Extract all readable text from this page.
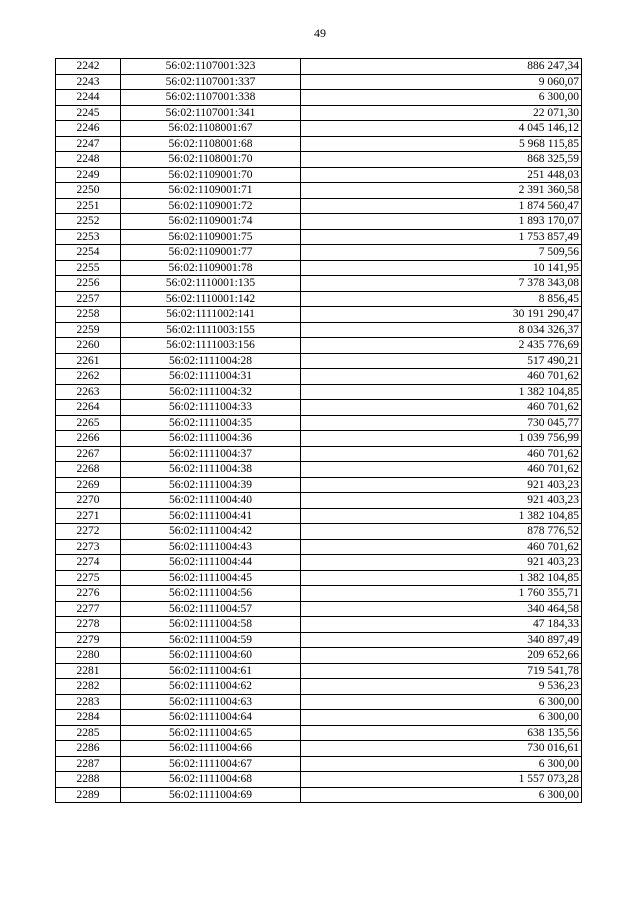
49
2242	56:02:1107001:323	886 247,34
2243	56:02:1107001:337	9 060,07
2244	56:02:1107001:338	6 300,00
2245	56:02:1107001:341	22 071,30
2246	56:02:1108001:67	4 045 146,12
2247	56:02:1108001:68	5 968 115,85
2248	56:02:1108001:70	868 325,59
2249	56:02:1109001:70	251 448,03
2250	56:02:1109001:71	2 391 360,58
2251	56:02:1109001:72	1 874 560,47
2252	56:02:1109001:74	1 893 170,07
2253	56:02:1109001:75	1 753 857,49
2254	56:02:1109001:77	7 509,56
2255	56:02:1109001:78	10 141,95
2256	56:02:1110001:135	7 378 343,08
2257	56:02:1110001:142	8 856,45
2258	56:02:1111002:141	30 191 290,47
2259	56:02:1111003:155	8 034 326,37
2260	56:02:1111003:156	2 435 776,69
2261	56:02:1111004:28	517 490,21
2262	56:02:1111004:31	460 701,62
2263	56:02:1111004:32	1 382 104,85
2264	56:02:1111004:33	460 701,62
2265	56:02:1111004:35	730 045,77
2266	56:02:1111004:36	1 039 756,99
2267	56:02:1111004:37	460 701,62
2268	56:02:1111004:38	460 701,62
2269	56:02:1111004:39	921 403,23
2270	56:02:1111004:40	921 403,23
2271	56:02:1111004:41	1 382 104,85
2272	56:02:1111004:42	878 776,52
2273	56:02:1111004:43	460 701,62
2274	56:02:1111004:44	921 403,23
2275	56:02:1111004:45	1 382 104,85
2276	56:02:1111004:56	1 760 355,71
2277	56:02:1111004:57	340 464,58
2278	56:02:1111004:58	47 184,33
2279	56:02:1111004:59	340 897,49
2280	56:02:1111004:60	209 652,66
2281	56:02:1111004:61	719 541,78
2282	56:02:1111004:62	9 536,23
2283	56:02:1111004:63	6 300,00
2284	56:02:1111004:64	6 300,00
2285	56:02:1111004:65	638 135,56
2286	56:02:1111004:66	730 016,61
2287	56:02:1111004:67	6 300,00
2288	56:02:1111004:68	1 557 073,28
2289	56:02:1111004:69	6 300,00
